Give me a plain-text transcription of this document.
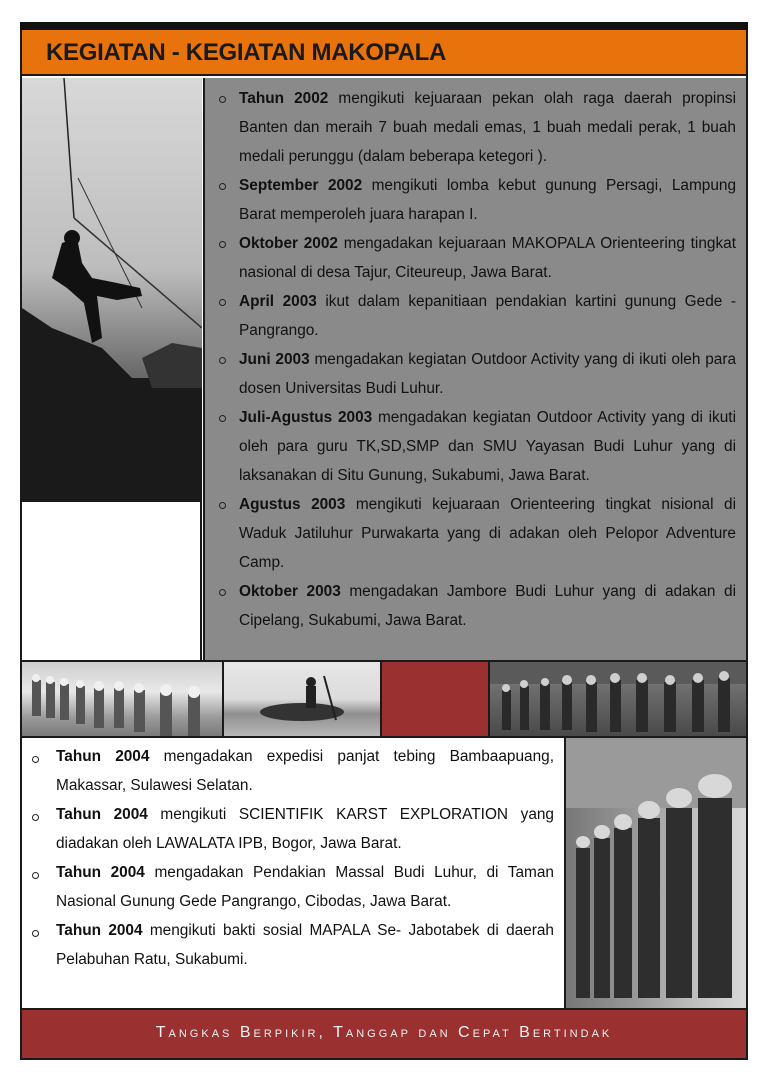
KEGIATAN - KEGIATAN MAKOPALA
Tahun 2002 mengikuti kejuaraan pekan olah raga daerah propinsi Banten dan meraih 7 buah medali emas, 1 buah medali perak, 1 buah medali perunggu (dalam beberapa ketegori ).
September 2002 mengikuti lomba kebut gunung Persagi, Lampung Barat memperoleh juara harapan I.
Oktober 2002 mengadakan kejuaraan MAKOPALA Orienteering tingkat nasional di desa Tajur, Citeureup, Jawa Barat.
April 2003 ikut dalam kepanitiaan pendakian kartini gunung Gede - Pangrango.
Juni 2003 mengadakan kegiatan Outdoor Activity yang di ikuti oleh para dosen Universitas Budi Luhur.
Juli-Agustus 2003 mengadakan kegiatan Outdoor Activity yang di ikuti oleh para guru TK,SD,SMP dan SMU Yayasan Budi Luhur yang di laksanakan di Situ Gunung, Sukabumi, Jawa Barat.
Agustus 2003 mengikuti kejuaraan Orienteering tingkat nisional di Waduk Jatiluhur Purwakarta yang di adakan oleh Pelopor Adventure Camp.
Oktober 2003 mengadakan Jambore Budi Luhur yang di adakan di Cipelang, Sukabumi, Jawa Barat.
Tahun 2004 mengadakan expedisi panjat tebing Bambaapuang, Makassar, Sulawesi Selatan.
Tahun 2004 mengikuti SCIENTIFIK KARST EXPLORATION yang diadakan oleh LAWALATA IPB, Bogor, Jawa Barat.
Tahun 2004 mengadakan Pendakian Massal Budi Luhur, di Taman Nasional Gunung Gede Pangrango, Cibodas, Jawa Barat.
Tahun 2004 mengikuti bakti sosial MAPALA Se- Jabotabek di daerah Pelabuhan Ratu, Sukabumi.

Tangkas Berpikir, Tanggap dan Cepat Bertindak
